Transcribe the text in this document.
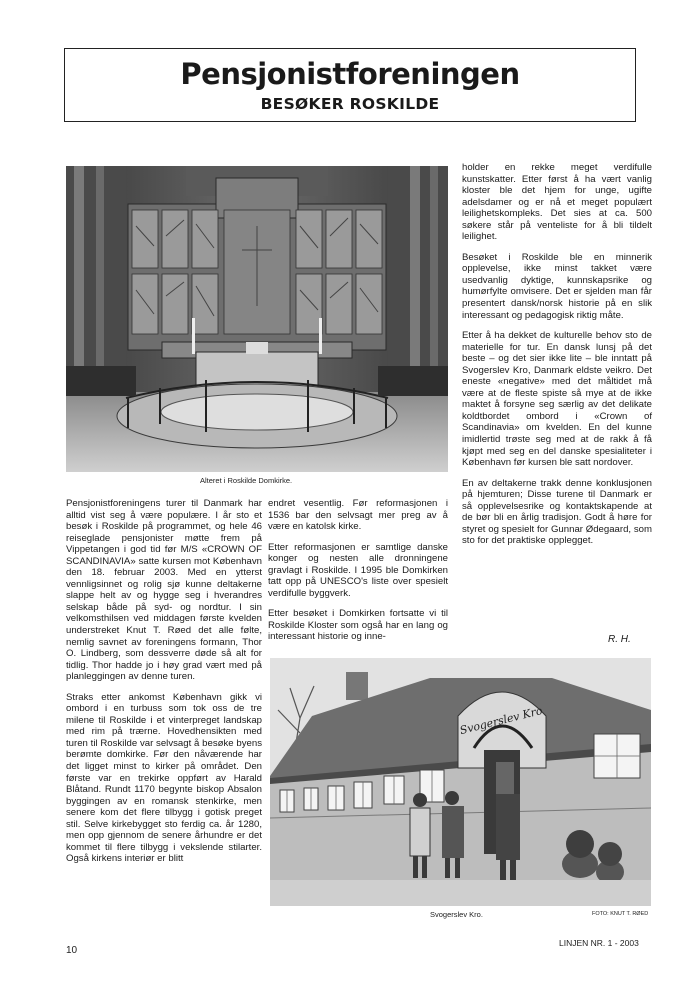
Pensjonistforeningen
BESØKER ROSKILDE
Alteret i Roskilde Domkirke.

Pensjonistforeningens turer til Danmark har alltid vist seg å være populære. I år sto et besøk i Roskilde på programmet, og hele 46 reiseglade pensjonister møtte frem på Vippetangen i god tid før M/S «CROWN OF SCANDINAVIA» satte kursen mot København den 18. februar 2003. Med en ytterst vennligsinnet og rolig sjø kunne deltakerne slappe helt av og hygge seg i hverandres selskap både på syd- og nordtur. I sin velkomsthilsen ved middagen første kvelden understreket Knut T. Røed det alle følte, nemlig savnet av foreningens formann, Thor O. Lindberg, som dessverre døde så alt for tidlig. Thor hadde jo i høy grad vært med på planleggingen av denne turen.

Straks etter ankomst København gikk vi ombord i en turbuss som tok oss de tre milene til Roskilde i et vinterpreget landskap med rim på trærne. Hovedhensikten med turen til Roskilde var selvsagt å besøke byens berømte domkirke. Før den nåværende har det ligget minst to kirker på området. Den første var en trekirke oppført av Harald Blåtand. Rundt 1170 begynte biskop Absalon byggingen av en romansk stenkirke, men senere kom det flere tilbygg i gotisk preget stil. Selve kirkebygget sto ferdig ca. år 1280, men opp gjennom de senere århundre er det kommet til flere tilbygg i vekslende stilarter. Også kirkens interiør er blitt

endret vesentlig. Før reformasjonen i 1536 bar den selvsagt mer preg av å være en katolsk kirke.

Etter reformasjonen er samtlige danske konger og nesten alle dronningene gravlagt i Roskilde. I 1995 ble Domkirken tatt opp på UNESCO's liste over spesielt verdifulle byggverk.

Etter besøket i Domkirken fortsatte vi til Roskilde Kloster som også har en lang og interessant historie og inne-

holder en rekke meget verdifulle kunstskatter. Etter først å ha vært vanlig kloster ble det hjem for unge, ugifte adelsdamer og er nå et meget populært leilighetskompleks. Det sies at ca. 500 søkere står på venteliste for å bli tildelt leilighet.

Besøket i Roskilde ble en minnerik opplevelse, ikke minst takket være usedvanlig dyktige, kunnskapsrike og humørfylte omvisere. Det er sjelden man får presentert dansk/norsk historie på en slik interessant og pedagogisk riktig måte.

Etter å ha dekket de kulturelle behov sto de materielle for tur. En dansk lunsj på det beste – og det sier ikke lite – ble inntatt på Svogerslev Kro, Danmark eldste veikro. Det eneste «negative» med det måltidet må være at de fleste spiste så mye at de ikke maktet å forsyne seg særlig av det delikate koldtbordet ombord i «Crown of Scandinavia» om kvelden. En del kunne imidlertid trøste seg med at de rakk å få kjøpt med seg en del danske spesialiteter i København før kursen ble satt nordover.

En av deltakerne trakk denne konklusjonen på hjemturen; Disse turene til Danmark er så opplevelsesrike og kontaktskapende at de bør bli en årlig tradisjon. Godt å høre for styret og spesielt for Gunnar Ødegaard, som sto for det praktiske opplegget.

R. H.
Svogerslev Kro
Svogerslev Kro.	FOTO: KNUT T. RØED
10
LINJEN NR. 1 - 2003
